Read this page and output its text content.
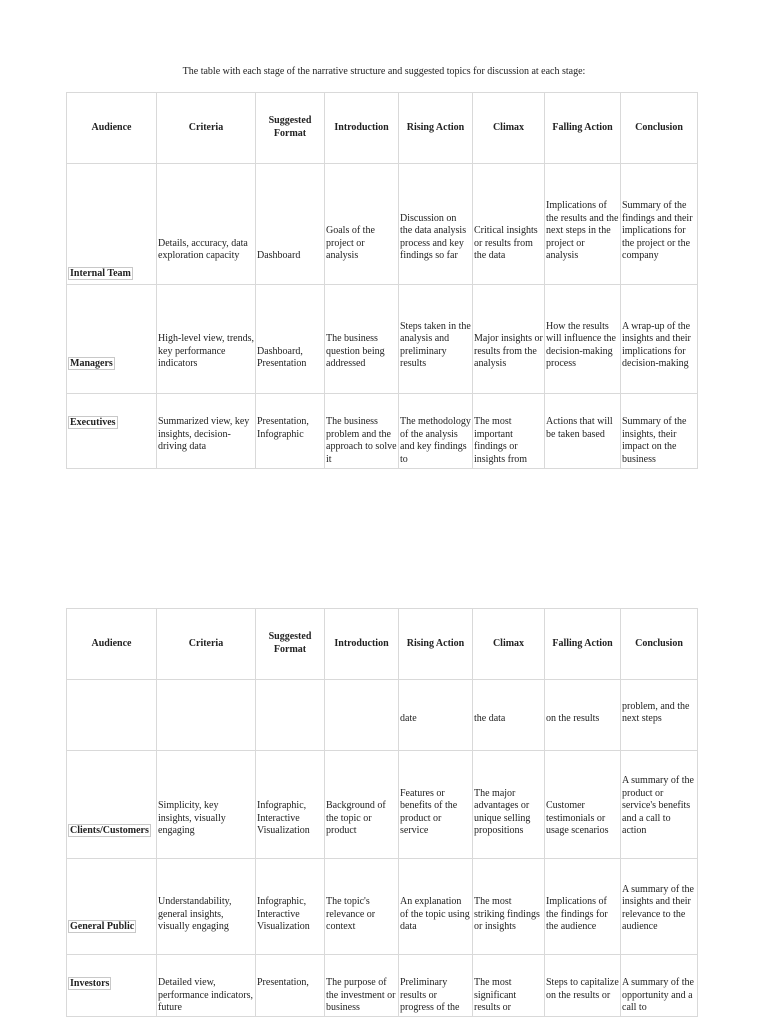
The table with each stage of the narrative structure and suggested topics for discussion at each stage:
Audience	Criteria	Suggested Format	Introduction	Rising Action	Climax	Falling Action	Conclusion
Internal Team	Details, accuracy, data exploration capacity	Dashboard	Goals of the project or analysis	Discussion on the data analysis process and key findings so far	Critical insights or results from the data	Implications of the results and the next steps in the project or analysis	Summary of the findings and their implications for the project or the company
Managers	High-level view, trends, key performance indicators	Dashboard, Presentation	The business question being addressed	Steps taken in the analysis and preliminary results	Major insights or results from the analysis	How the results will influence the decision-making process	A wrap-up of the insights and their implications for decision-making
Executives	Summarized view, key insights, decision-driving data	Presentation, Infographic	The business problem and the approach to solve it	The methodology of the analysis and key findings to	The most important findings or insights from	Actions that will be taken based	Summary of the insights, their impact on the business
Audience	Criteria	Suggested Format	Introduction	Rising Action	Climax	Falling Action	Conclusion
				date	the data	on the results	problem, and the next steps
Clients/Customers	Simplicity, key insights, visually engaging	Infographic, Interactive Visualization	Background of the topic or product	Features or benefits of the product or service	The major advantages or unique selling propositions	Customer testimonials or usage scenarios	A summary of the product or service's benefits and a call to action
General Public	Understandability, general insights, visually engaging	Infographic, Interactive Visualization	The topic's relevance or context	An explanation of the topic using data	The most striking findings or insights	Implications of the findings for the audience	A summary of the insights and their relevance to the audience
Investors	Detailed view, performance indicators, future	Presentation,	The purpose of the investment or business	Preliminary results or progress of the	The most significant results or	Steps to capitalize on the results or	A summary of the opportunity and a call to
